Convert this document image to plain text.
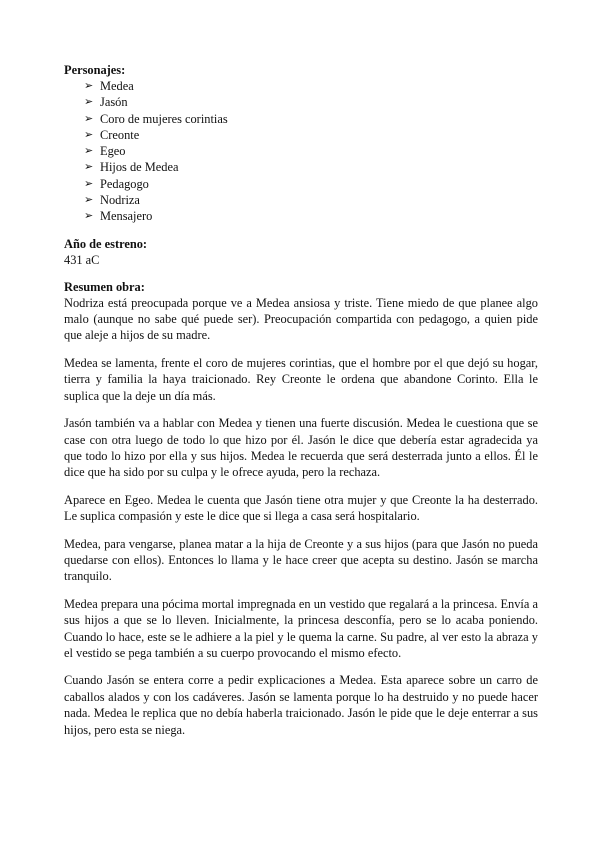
Personajes:

➢ Medea
➢ Jasón
➢ Coro de mujeres corintias
➢ Creonte
➢ Egeo
➢ Hijos de Medea
➢ Pedagogo
➢ Nodriza
➢ Mensajero

Año de estreno:

431 aC

Resumen obra:

Nodriza está preocupada porque ve a Medea ansiosa y triste. Tiene miedo de que planee algo malo (aunque no sabe qué puede ser). Preocupación compartida con pedagogo, a quien pide que aleje a hijos de su madre.

Medea se lamenta, frente el coro de mujeres corintias, que el hombre por el que dejó su hogar, tierra y familia la haya traicionado. Rey Creonte le ordena que abandone Corinto. Ella le suplica que la deje un día más.

Jasón también va a hablar con Medea y tienen una fuerte discusión. Medea le cuestiona que se case con otra luego de todo lo que hizo por él. Jasón le dice que debería estar agradecida ya que todo lo hizo por ella y sus hijos. Medea le recuerda que será desterrada junto a ellos. Él le dice que ha sido por su culpa y le ofrece ayuda, pero la rechaza.

Aparece en Egeo. Medea le cuenta que Jasón tiene otra mujer y que Creonte la ha desterrado. Le suplica compasión y este le dice que si llega a casa será hospitalario.

Medea, para vengarse, planea matar a la hija de Creonte y a sus hijos (para que Jasón no pueda quedarse con ellos). Entonces lo llama y le hace creer que acepta su destino. Jasón se marcha tranquilo.

Medea prepara una pócima mortal impregnada en un vestido que regalará a la princesa. Envía a sus hijos a que se lo lleven. Inicialmente, la princesa desconfía, pero se lo acaba poniendo. Cuando lo hace, este se le adhiere a la piel y le quema la carne. Su padre, al ver esto la abraza y el vestido se pega también a su cuerpo provocando el mismo efecto.

Cuando Jasón se entera corre a pedir explicaciones a Medea. Esta aparece sobre un carro de caballos alados y con los cadáveres. Jasón se lamenta porque lo ha destruido y no puede hacer nada. Medea le replica que no debía haberla traicionado. Jasón le pide que le deje enterrar a sus hijos, pero esta se niega.
